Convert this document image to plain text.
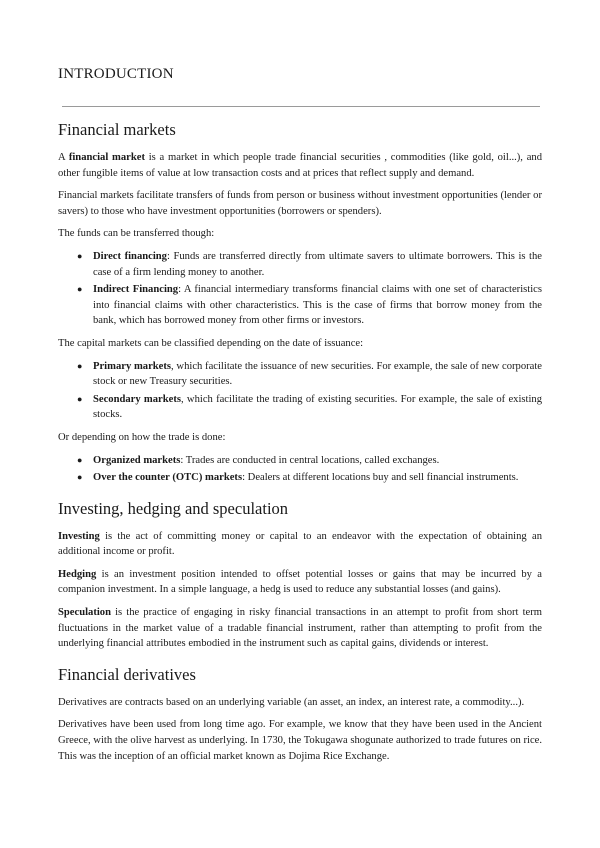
INTRODUCTION
Financial markets

A financial market is a market in which people trade financial securities , commodities (like gold, oil...), and other fungible items of value at low transaction costs and at prices that reflect supply and demand.

Financial markets facilitate transfers of funds from person or business without investment opportunities (lender or savers) to those who have investment opportunities (borrowers or spenders).

The funds can be transferred though:

● Direct financing: Funds are transferred directly from ultimate savers to ultimate borrowers. This is the case of a firm lending money to another.
● Indirect Financing: A financial intermediary transforms financial claims with one set of characteristics into financial claims with other characteristics. This is the case of firms that borrow money from the bank, which has borrowed money from other firms or investors.

The capital markets can be classified depending on the date of issuance:

● Primary markets, which facilitate the issuance of new securities. For example, the sale of new corporate stock or new Treasury securities.
● Secondary markets, which facilitate the trading of existing securities. For example, the sale of existing stocks.

Or depending on how the trade is done:

● Organized markets: Trades are conducted in central locations, called exchanges.
● Over the counter (OTC) markets: Dealers at different locations buy and sell financial instruments.
Investing, hedging and speculation

Investing is the act of committing money or capital to an endeavor with the expectation of obtaining an additional income or profit.

Hedging is an investment position intended to offset potential losses or gains that may be incurred by a companion investment. In a simple language, a hedg is used to reduce any substantial losses (and gains).

Speculation is the practice of engaging in risky financial transactions in an attempt to profit from short term fluctuations in the market value of a tradable financial instrument, rather than attempting to profit from the underlying financial attributes embodied in the instrument such as capital gains, dividends or interest.

Financial derivatives

Derivatives are contracts based on an underlying variable (an asset, an index, an interest rate, a commodity...).

Derivatives have been used from long time ago. For example, we know that they have been used in the Ancient Greece, with the olive harvest as underlying. In 1730, the Tokugawa shogunate authorized to trade futures on rice. This was the inception of an official market known as Dojima Rice Exchange.
